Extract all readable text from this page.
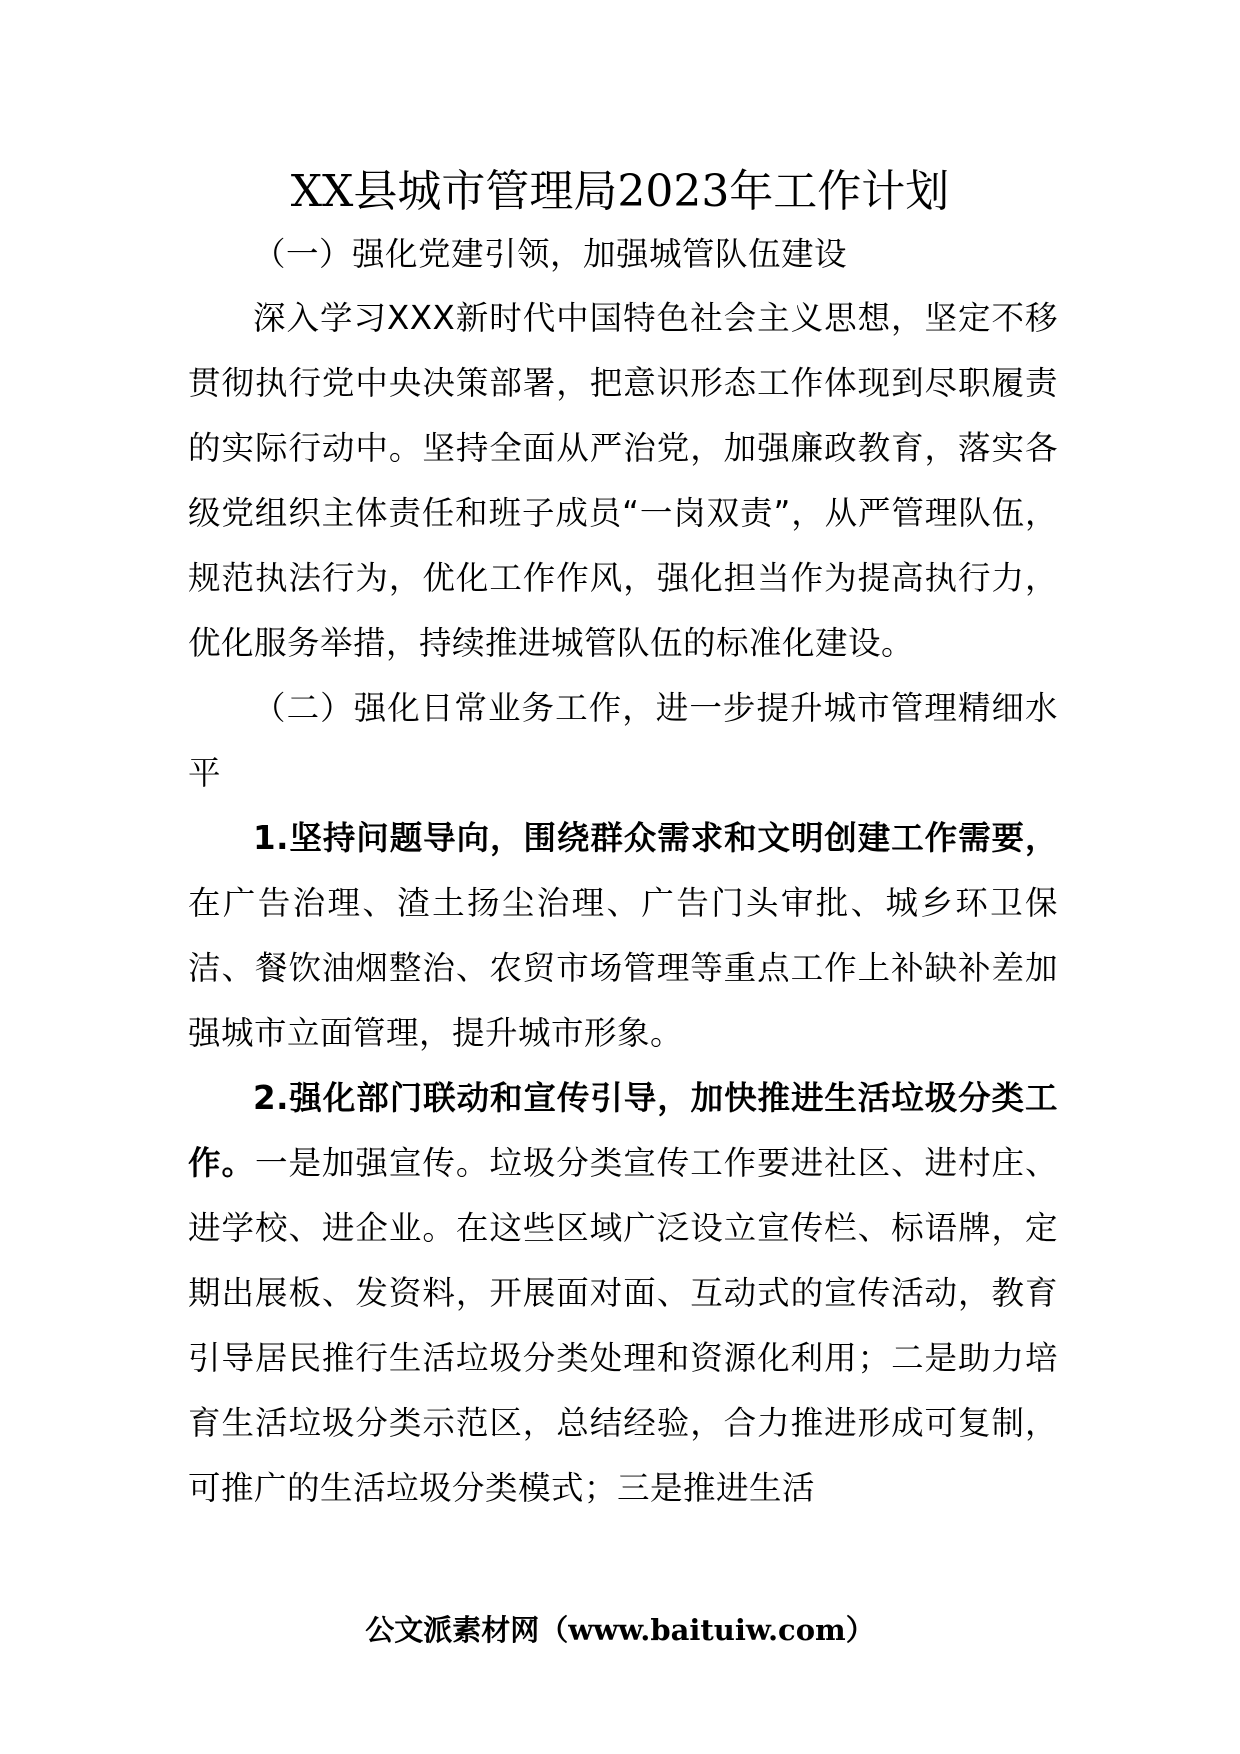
XX县城市管理局2023年工作计划

（一）强化党建引领，加强城管队伍建设

深入学习XXX新时代中国特色社会主义思想，坚定不移贯彻执行党中央决策部署，把意识形态工作体现到尽职履责的实际行动中。坚持全面从严治党，加强廉政教育，落实各级党组织主体责任和班子成员“一岗双责”，从严管理队伍，规范执法行为，优化工作作风，强化担当作为提高执行力，优化服务举措，持续推进城管队伍的标准化建设。

（二）强化日常业务工作，进一步提升城市管理精细水平

1.坚持问题导向，围绕群众需求和文明创建工作需要，在广告治理、渣土扬尘治理、广告门头审批、城乡环卫保洁、餐饮油烟整治、农贸市场管理等重点工作上补缺补差加强城市立面管理，提升城市形象。

2.强化部门联动和宣传引导，加快推进生活垃圾分类工作。一是加强宣传。垃圾分类宣传工作要进社区、进村庄、进学校、进企业。在这些区域广泛设立宣传栏、标语牌，定期出展板、发资料，开展面对面、互动式的宣传活动，教育引导居民推行生活垃圾分类处理和资源化利用；二是助力培育生活垃圾分类示范区，总结经验，合力推进形成可复制，可推广的生活垃圾分类模式；三是推进生活

公文派素材网（www.baituiw.com）
